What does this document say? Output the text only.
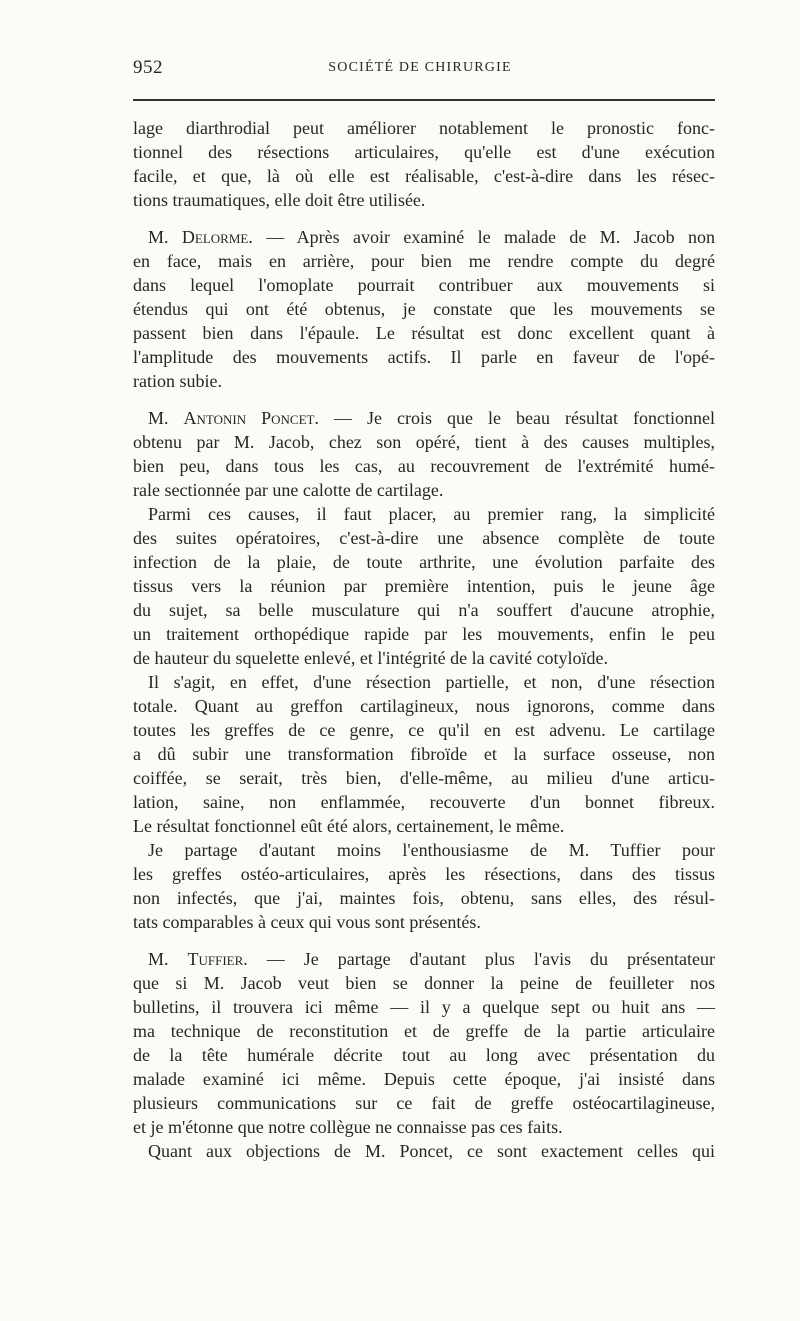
952	SOCIÉTÉ DE CHIRURGIE
lage diarthrodial peut améliorer notablement le pronostic fonc-
tionnel des résections articulaires, qu'elle est d'une exécution
facile, et que, là où elle est réalisable, c'est-à-dire dans les résec-
tions traumatiques, elle doit être utilisée.
M. Delorme. — Après avoir examiné le malade de M. Jacob non
en face, mais en arrière, pour bien me rendre compte du degré
dans lequel l'omoplate pourrait contribuer aux mouvements si
étendus qui ont été obtenus, je constate que les mouvements se
passent bien dans l'épaule. Le résultat est donc excellent quant à
l'amplitude des mouvements actifs. Il parle en faveur de l'opé-
ration subie.
M. Antonin Poncet. — Je crois que le beau résultat fonctionnel
obtenu par M. Jacob, chez son opéré, tient à des causes multiples,
bien peu, dans tous les cas, au recouvrement de l'extrémité humé-
rale sectionnée par une calotte de cartilage.
Parmi ces causes, il faut placer, au premier rang, la simplicité
des suites opératoires, c'est-à-dire une absence complète de toute
infection de la plaie, de toute arthrite, une évolution parfaite des
tissus vers la réunion par première intention, puis le jeune âge
du sujet, sa belle musculature qui n'a souffert d'aucune atrophie,
un traitement orthopédique rapide par les mouvements, enfin le peu
de hauteur du squelette enlevé, et l'intégrité de la cavité cotyloïde.
Il s'agit, en effet, d'une résection partielle, et non, d'une résection
totale. Quant au greffon cartilagineux, nous ignorons, comme dans
toutes les greffes de ce genre, ce qu'il en est advenu. Le cartilage
a dû subir une transformation fibroïde et la surface osseuse, non
coiffée, se serait, très bien, d'elle-même, au milieu d'une articu-
lation, saine, non enflammée, recouverte d'un bonnet fibreux.
Le résultat fonctionnel eût été alors, certainement, le même.
Je partage d'autant moins l'enthousiasme de M. Tuffier pour
les greffes ostéo-articulaires, après les résections, dans des tissus
non infectés, que j'ai, maintes fois, obtenu, sans elles, des résul-
tats comparables à ceux qui vous sont présentés.
M. Tuffier. — Je partage d'autant plus l'avis du présentateur
que si M. Jacob veut bien se donner la peine de feuilleter nos
bulletins, il trouvera ici même — il y a quelque sept ou huit ans —
ma technique de reconstitution et de greffe de la partie articulaire
de la tête humérale décrite tout au long avec présentation du
malade examiné ici même. Depuis cette époque, j'ai insisté dans
plusieurs communications sur ce fait de greffe ostéocartilagineuse,
et je m'étonne que notre collègue ne connaisse pas ces faits.
Quant aux objections de M. Poncet, ce sont exactement celles qui
